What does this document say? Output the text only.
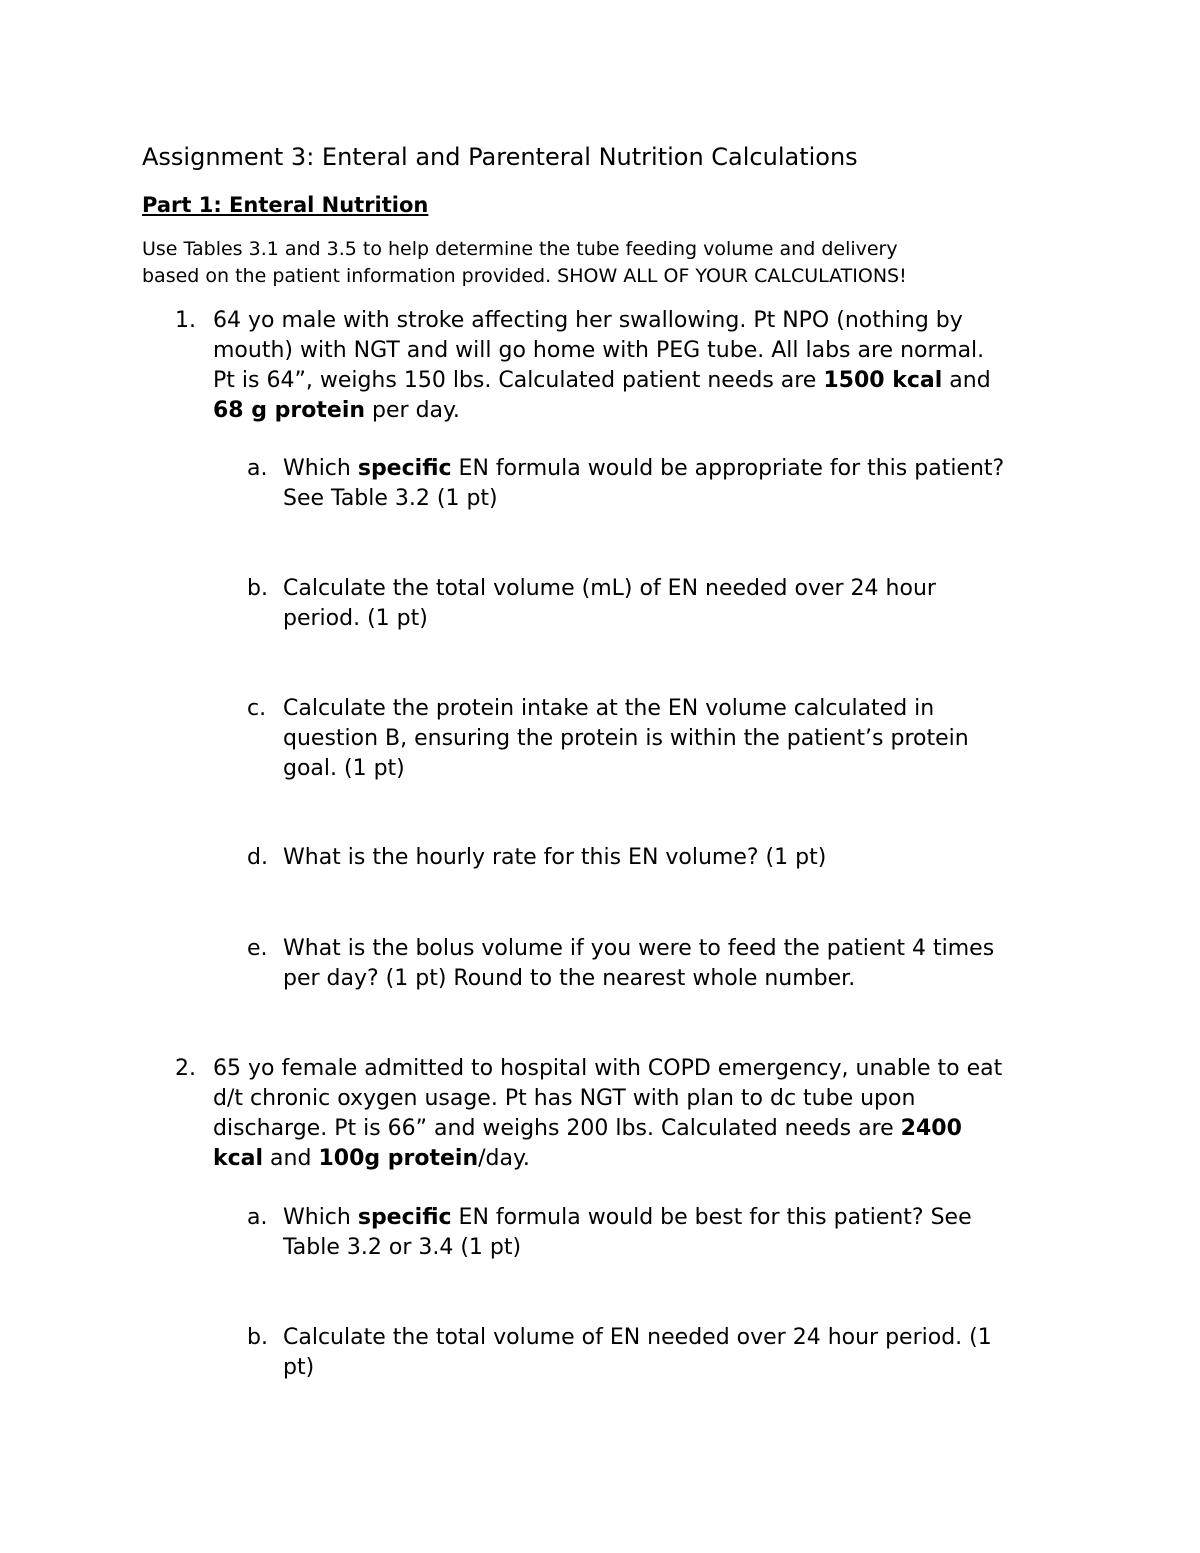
Assignment 3: Enteral and Parenteral Nutrition Calculations
Part 1: Enteral Nutrition
Use Tables 3.1 and 3.5 to help determine the tube feeding volume and delivery
based on the patient information provided. SHOW ALL OF YOUR CALCULATIONS!
1. 64 yo male with stroke affecting her swallowing. Pt NPO (nothing by
mouth) with NGT and will go home with PEG tube. All labs are normal.
Pt is 64”, weighs 150 lbs. Calculated patient needs are 1500 kcal and
68 g protein per day.
a. Which specific EN formula would be appropriate for this patient?
See Table 3.2 (1 pt)
b. Calculate the total volume (mL) of EN needed over 24 hour
period. (1 pt)
c. Calculate the protein intake at the EN volume calculated in
question B, ensuring the protein is within the patient’s protein
goal. (1 pt)
d. What is the hourly rate for this EN volume? (1 pt)
e. What is the bolus volume if you were to feed the patient 4 times
per day? (1 pt) Round to the nearest whole number.
2. 65 yo female admitted to hospital with COPD emergency, unable to eat
d/t chronic oxygen usage. Pt has NGT with plan to dc tube upon
discharge. Pt is 66” and weighs 200 lbs. Calculated needs are 2400
kcal and 100g protein/day.
a. Which specific EN formula would be best for this patient? See
Table 3.2 or 3.4 (1 pt)
b. Calculate the total volume of EN needed over 24 hour period. (1
pt)
